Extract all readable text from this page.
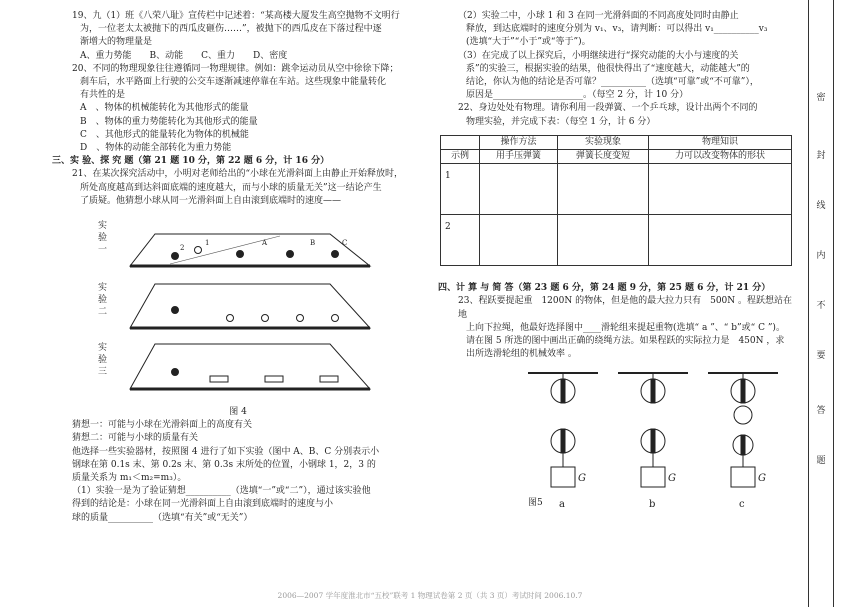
19、九（1）班《八荣八耻》宣传栏中记述着：“某高楼大厦发生高空抛物不文明行

为，一位老太太被抛下的西瓜皮砸伤……”，被抛下的西瓜皮在下落过程中逐

渐增大的物理量是

A、重力势能　　B、动能　　C、重力　　D、密度

20、不同的物理现象往往遵循同一物理规律。例如：跳伞运动员从空中徐徐下降；

刹车后，水平路面上行驶的公交车逐渐减速停靠在车站。这些现象中能量转化

有共性的是

A　、物体的机械能转化为其他形式的能量

B　、物体的重力势能转化为其他形式的能量

C　、其他形式的能量转化为物体的机械能

D　、物体的动能全部转化为重力势能

三、实 验、探 究 题（第 21 题 10 分，第 22 题 6 分，计 16 分）

21、在某次探究活动中，小明对老师给出的“小球在光滑斜面上由静止开始释放时，

所处高度越高到达斜面底端的速度越大，而与小球的质量无关”这一结论产生

了质疑。他猜想小球从同一光滑斜面上自由滚到底端时的速度——

实
验
一	2
1	A	B	C
实
验
二
实
验
三

图 4

猜想一：可能与小球在光滑斜面上的高度有关

猜想二：可能与小球的质量有关

他选择一些实验器材，按照图 4 进行了如下实验（图中 A、B、C 分别表示小

钢球在第 0.1s 末、第 0.2s 末、第 0.3s 末所处的位置，小钢球 1，2，3 的

质量关系为 m₁＜m₂=m₃）。

（1）实验一是为了验证猜想__________（选填“一”或“二”），通过该实验他

得到的结论是：小球在同一光滑斜面上自由滚到底端时的速度与小

球的质量__________（选填“有关”或“无关”）

（2）实验二中，小球 1 和 3 在同一光滑斜面的不同高度处同时由静止

释放，到达底端时的速度分别为 v₁、v₃，请判断：可以得出 v₁__________v₃

(选填“大于”“小于”或“等于”)。

（3）在完成了以上探究后，小明继续进行“探究动能的大小与速度的关

系”的实验三，根据实验的结果，他很快得出了“速度越大，动能越大”的

结论，你认为他的结论是否可靠？__________（选填“可靠”或“不可靠”），

原因是____________________。（每空 2 分，计 10 分）

22、身边处处有物理。请你利用一段弹簧、一个乒乓球，设计出两个不同的

物理实验，并完成下表：（每空 1 分，计 6 分）

	操作方法	实验现象	物理知识
示例	用手压弹簧	弹簧长度变短	力可以改变物体的形状
1			
2			

四、计 算 与 简 答（第 23 题 6 分，第 24 题 9 分，第 25 题 6 分，计 21 分）

23、程跃要提起重　1200N 的物体，但是他的最大拉力只有　500N 。程跃想站在地

上向下拉绳，他最好选择图中____滑轮组来提起重物(选填“ a ”、“ b”或“ C ”)。

请在图 5 所选的图中画出正确的绕绳方法。如果程跃的实际拉力是　450N ，求

出所选滑轮组的机械效率 。

G
a
G
b
G
c

图5

密
封
线
内
不
要
答
题
2006—2007 学年度淮北市“五校”联考 1 物理试卷第 2 页（共 3 页）考试时间 2006.10.7
